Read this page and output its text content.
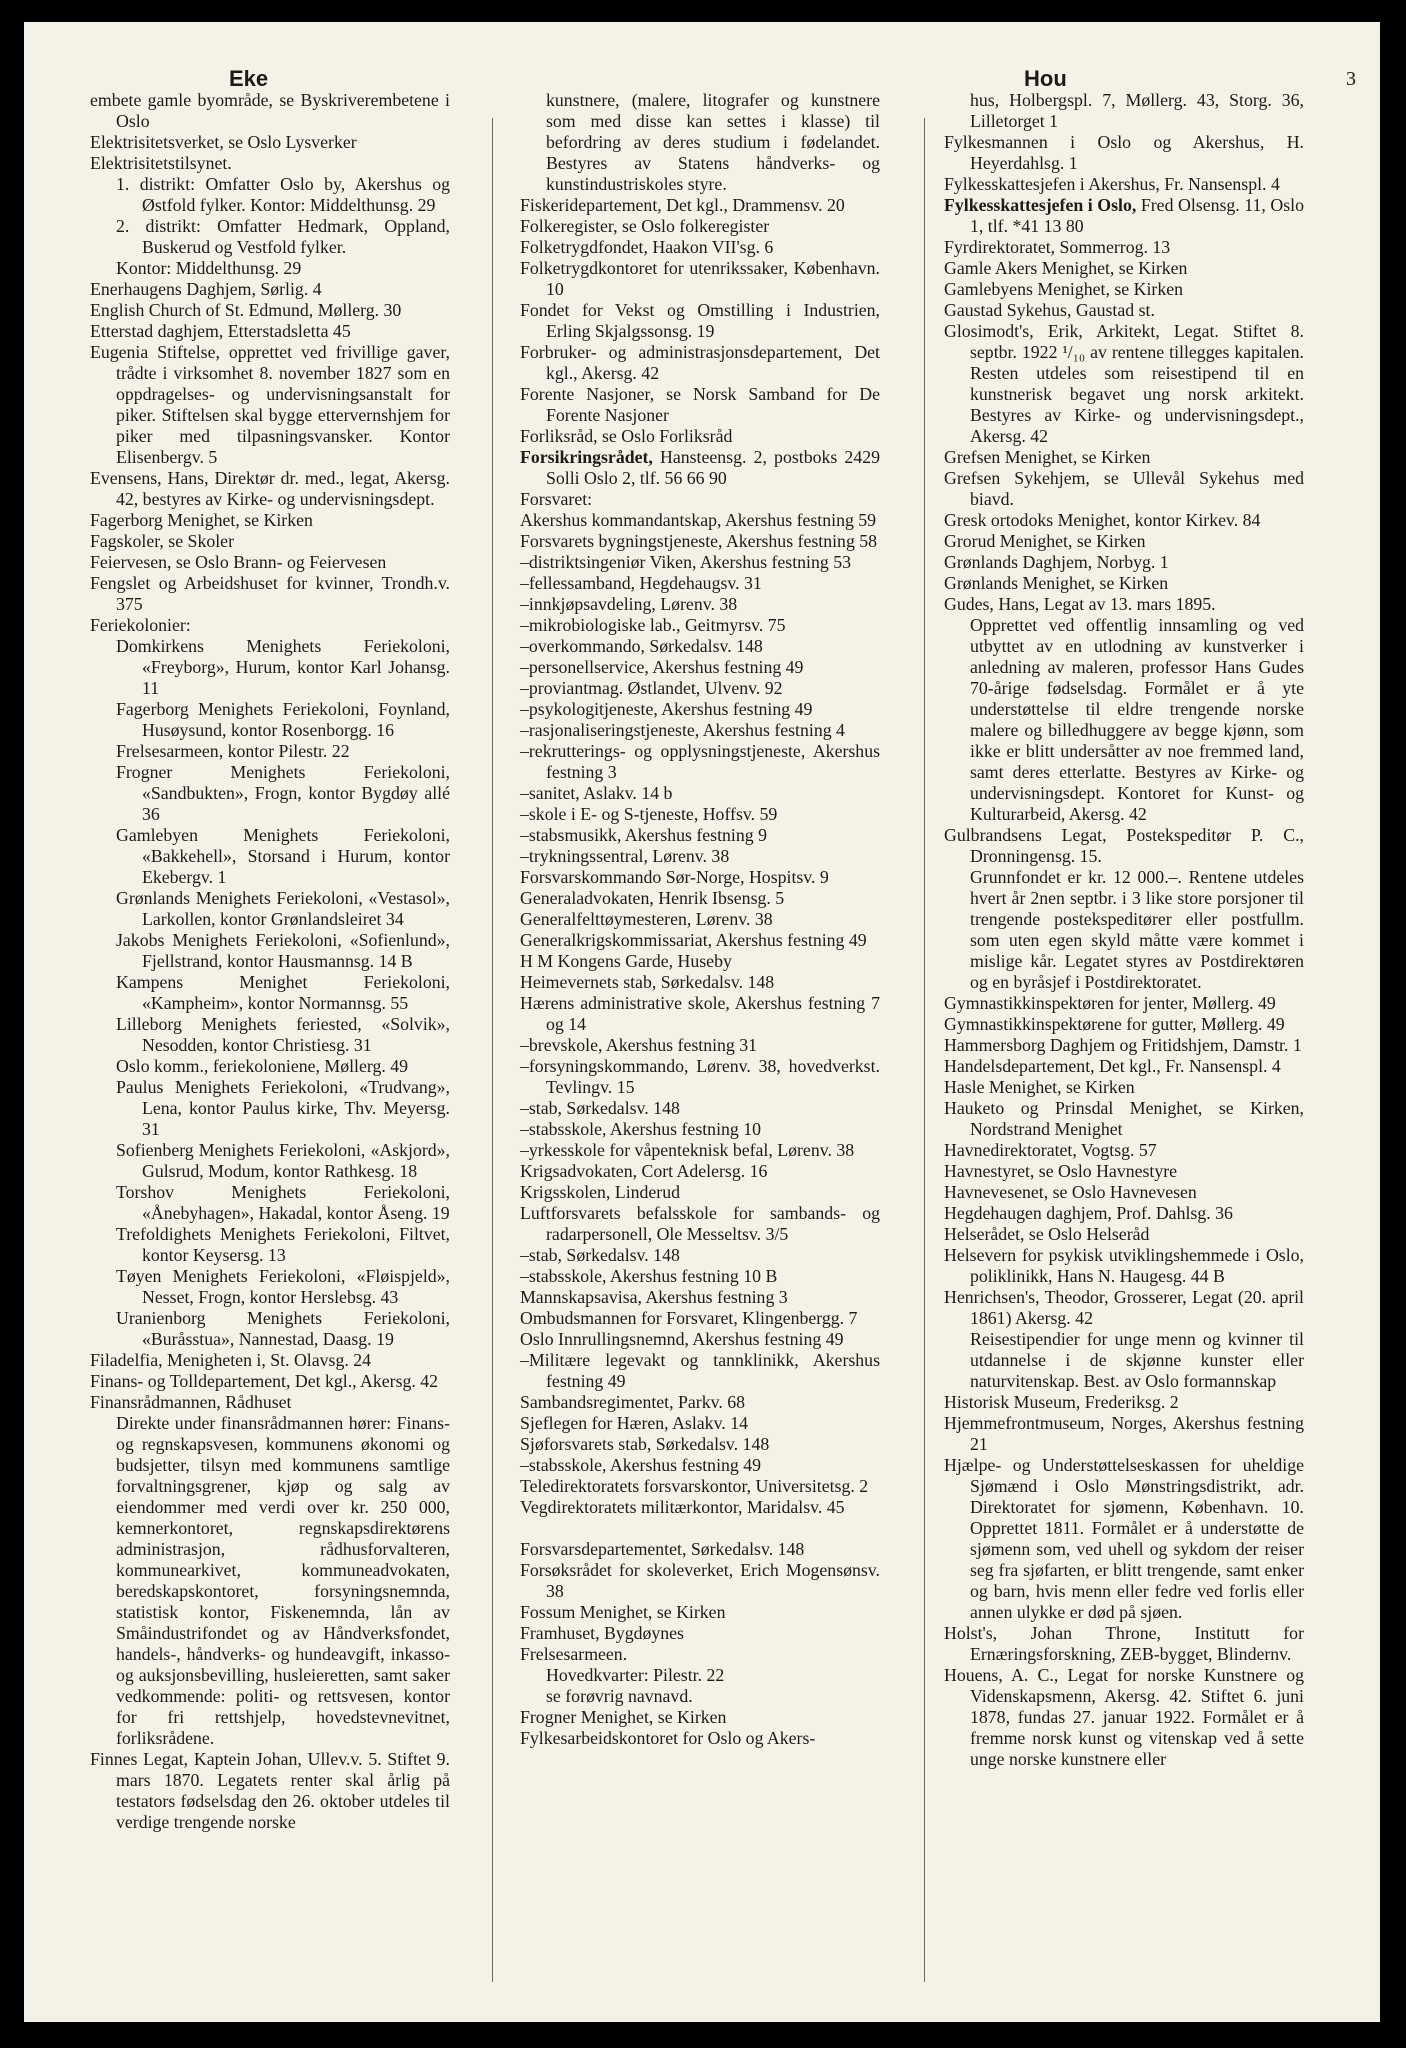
Eke	Hou	3

embete gamle byområde, se Byskriverembetene i Oslo

Elektrisitetsverket, se Oslo Lysverker

Elektrisitetstilsynet.

1. distrikt: Omfatter Oslo by, Akershus og Østfold fylker. Kontor: Middelthunsg. 29

2. distrikt: Omfatter Hedmark, Oppland, Buskerud og Vestfold fylker.

Kontor: Middelthunsg. 29

Enerhaugens Daghjem, Sørlig. 4

English Church of St. Edmund, Møllerg. 30

Etterstad daghjem, Etterstadsletta 45

Eugenia Stiftelse, opprettet ved frivillige gaver, trådte i virksomhet 8. november 1827 som en oppdragelses- og undervisningsanstalt for piker. Stiftelsen skal bygge ettervernshjem for piker med tilpasningsvansker. Kontor Elisenbergv. 5

Evensens, Hans, Direktør dr. med., legat, Akersg. 42, bestyres av Kirke- og undervisningsdept.

Fagerborg Menighet, se Kirken

Fagskoler, se Skoler

Feiervesen, se Oslo Brann- og Feiervesen

Fengslet og Arbeidshuset for kvinner, Trondh.v. 375

Feriekolonier:

Domkirkens Menighets Feriekoloni, «Freyborg», Hurum, kontor Karl Johansg. 11

Fagerborg Menighets Feriekoloni, Foynland, Husøysund, kontor Rosenborgg. 16

Frelsesarmeen, kontor Pilestr. 22

Frogner Menighets Feriekoloni, «Sandbukten», Frogn, kontor Bygdøy allé 36

Gamlebyen Menighets Feriekoloni, «Bakkehell», Storsand i Hurum, kontor Ekebergv. 1

Grønlands Menighets Feriekoloni, «Vestasol», Larkollen, kontor Grønlandsleiret 34

Jakobs Menighets Feriekoloni, «Sofienlund», Fjellstrand, kontor Hausmannsg. 14 B

Kampens Menighet Feriekoloni, «Kampheim», kontor Normannsg. 55

Lilleborg Menighets feriested, «Solvik», Nesodden, kontor Christiesg. 31

Oslo komm., feriekoloniene, Møllerg. 49

Paulus Menighets Feriekoloni, «Trudvang», Lena, kontor Paulus kirke, Thv. Meyersg. 31

Sofienberg Menighets Feriekoloni, «Askjord», Gulsrud, Modum, kontor Rathkesg. 18

Torshov Menighets Feriekoloni, «Ånebyhagen», Hakadal, kontor Åseng. 19

Trefoldighets Menighets Feriekoloni, Filtvet, kontor Keysersg. 13

Tøyen Menighets Feriekoloni, «Fløispjeld», Nesset, Frogn, kontor Herslebsg. 43

Uranienborg Menighets Feriekoloni, «Buråsstua», Nannestad, Daasg. 19

Filadelfia, Menigheten i, St. Olavsg. 24

Finans- og Tolldepartement, Det kgl., Akersg. 42

Finansrådmannen, Rådhuset

Direkte under finansrådmannen hører: Finans- og regnskapsvesen, kommunens økonomi og budsjetter, tilsyn med kommunens samtlige forvaltningsgrener, kjøp og salg av eiendommer med verdi over kr. 250 000, kemnerkontoret, regnskapsdirektørens administrasjon, rådhusforvalteren, kommunearkivet, kommuneadvokaten, beredskapskontoret, forsyningsnemnda, statistisk kontor, Fiskenemnda, lån av Småindustrifondet og av Håndverksfondet, handels-, håndverks- og hundeavgift, inkasso- og auksjonsbevilling, husleieretten, samt saker vedkommende: politi- og rettsvesen, kontor for fri rettshjelp, hovedstevnevitnet, forliksrådene.

Finnes Legat, Kaptein Johan, Ullev.v. 5. Stiftet 9. mars 1870. Legatets renter skal årlig på testators fødselsdag den 26. oktober utdeles til verdige trengende norske

kunstnere, (malere, litografer og kunstnere som med disse kan settes i klasse) til befordring av deres studium i fødelandet. Bestyres av Statens håndverks- og kunstindustriskoles styre.

Fiskeridepartement, Det kgl., Drammensv. 20

Folkeregister, se Oslo folkeregister

Folketrygdfondet, Haakon VII'sg. 6

Folketrygdkontoret for utenrikssaker, København. 10

Fondet for Vekst og Omstilling i Industrien, Erling Skjalgssonsg. 19

Forbruker- og administrasjonsdepartement, Det kgl., Akersg. 42

Forente Nasjoner, se Norsk Samband for De Forente Nasjoner

Forliksråd, se Oslo Forliksråd

Forsikringsrådet, Hansteensg. 2, postboks 2429 Solli Oslo 2, tlf. 56 66 90

Forsvaret:

Akershus kommandantskap, Akershus festning 59

Forsvarets bygningstjeneste, Akershus festning 58

–distriktsingeniør Viken, Akershus festning 53

–fellessamband, Hegdehaugsv. 31

–innkjøpsavdeling, Lørenv. 38

–mikrobiologiske lab., Geitmyrsv. 75

–overkommando, Sørkedalsv. 148

–personellservice, Akershus festning 49

–proviantmag. Østlandet, Ulvenv. 92

–psykologitjeneste, Akershus festning 49

–rasjonaliseringstjeneste, Akershus festning 4

–rekrutterings- og opplysningstjeneste, Akershus festning 3

–sanitet, Aslakv. 14 b

–skole i E- og S-tjeneste, Hoffsv. 59

–stabsmusikk, Akershus festning 9

–trykningssentral, Lørenv. 38

Forsvarskommando Sør-Norge, Hospitsv. 9

Generaladvokaten, Henrik Ibsensg. 5

Generalfelttøymesteren, Lørenv. 38

Generalkrigskommissariat, Akershus festning 49

H M Kongens Garde, Huseby

Heimevernets stab, Sørkedalsv. 148

Hærens administrative skole, Akershus festning 7 og 14

–brevskole, Akershus festning 31

–forsyningskommando, Lørenv. 38, hovedverkst. Tevlingv. 15

–stab, Sørkedalsv. 148

–stabsskole, Akershus festning 10

–yrkesskole for våpenteknisk befal, Lørenv. 38

Krigsadvokaten, Cort Adelersg. 16

Krigsskolen, Linderud

Luftforsvarets befalsskole for sambands- og radarpersonell, Ole Messeltsv. 3/5

–stab, Sørkedalsv. 148

–stabsskole, Akershus festning 10 B

Mannskapsavisa, Akershus festning 3

Ombudsmannen for Forsvaret, Klingenbergg. 7

Oslo Innrullingsnemnd, Akershus festning 49

–Militære legevakt og tannklinikk, Akershus festning 49

Sambandsregimentet, Parkv. 68

Sjeflegen for Hæren, Aslakv. 14

Sjøforsvarets stab, Sørkedalsv. 148

–stabsskole, Akershus festning 49

Teledirektoratets forsvarskontor, Universitetsg. 2

Vegdirektoratets militærkontor, Maridalsv. 45

Forsvarsdepartementet, Sørkedalsv. 148

Forsøksrådet for skoleverket, Erich Mogensønsv. 38

Fossum Menighet, se Kirken

Framhuset, Bygdøynes

Frelsesarmeen.

Hovedkvarter: Pilestr. 22

se forøvrig navnavd.

Frogner Menighet, se Kirken

Fylkesarbeidskontoret for Oslo og Akers-

hus, Holbergspl. 7, Møllerg. 43, Storg. 36, Lilletorget 1

Fylkesmannen i Oslo og Akershus, H. Heyerdahlsg. 1

Fylkesskattesjefen i Akershus, Fr. Nansenspl. 4

Fylkesskattesjefen i Oslo, Fred Olsensg. 11, Oslo 1, tlf. *41 13 80

Fyrdirektoratet, Sommerrog. 13

Gamle Akers Menighet, se Kirken

Gamlebyens Menighet, se Kirken

Gaustad Sykehus, Gaustad st.

Glosimodt's, Erik, Arkitekt, Legat. Stiftet 8. septbr. 1922 ¹/₁₀ av rentene tillegges kapitalen. Resten utdeles som reisestipend til en kunstnerisk begavet ung norsk arkitekt. Bestyres av Kirke- og undervisningsdept., Akersg. 42

Grefsen Menighet, se Kirken

Grefsen Sykehjem, se Ullevål Sykehus med biavd.

Gresk ortodoks Menighet, kontor Kirkev. 84

Grorud Menighet, se Kirken

Grønlands Daghjem, Norbyg. 1

Grønlands Menighet, se Kirken

Gudes, Hans, Legat av 13. mars 1895.

Opprettet ved offentlig innsamling og ved utbyttet av en utlodning av kunstverker i anledning av maleren, professor Hans Gudes 70-årige fødselsdag. Formålet er å yte understøttelse til eldre trengende norske malere og billedhuggere av begge kjønn, som ikke er blitt undersåtter av noe fremmed land, samt deres etterlatte. Bestyres av Kirke- og undervisningsdept. Kontoret for Kunst- og Kulturarbeid, Akersg. 42

Gulbrandsens Legat, Postekspeditør P. C., Dronningensg. 15.

Grunnfondet er kr. 12 000.–. Rentene utdeles hvert år 2nen septbr. i 3 like store porsjoner til trengende postekspeditører eller postfullm. som uten egen skyld måtte være kommet i mislige kår. Legatet styres av Postdirektøren og en byråsjef i Postdirektoratet.

Gymnastikkinspektøren for jenter, Møllerg. 49

Gymnastikkinspektørene for gutter, Møllerg. 49

Hammersborg Daghjem og Fritidshjem, Damstr. 1

Handelsdepartement, Det kgl., Fr. Nansenspl. 4

Hasle Menighet, se Kirken

Hauketo og Prinsdal Menighet, se Kirken, Nordstrand Menighet

Havnedirektoratet, Vogtsg. 57

Havnestyret, se Oslo Havnestyre

Havnevesenet, se Oslo Havnevesen

Hegdehaugen daghjem, Prof. Dahlsg. 36

Helserådet, se Oslo Helseråd

Helsevern for psykisk utviklingshemmede i Oslo, poliklinikk, Hans N. Haugesg. 44 B

Henrichsen's, Theodor, Grosserer, Legat (20. april 1861) Akersg. 42

Reisestipendier for unge menn og kvinner til utdannelse i de skjønne kunster eller naturvitenskap. Best. av Oslo formannskap

Historisk Museum, Frederiksg. 2

Hjemmefrontmuseum, Norges, Akershus festning 21

Hjælpe- og Understøttelseskassen for uheldige Sjømænd i Oslo Mønstringsdistrikt, adr. Direktoratet for sjømenn, København. 10. Opprettet 1811. Formålet er å understøtte de sjømenn som, ved uhell og sykdom der reiser seg fra sjøfarten, er blitt trengende, samt enker og barn, hvis menn eller fedre ved forlis eller annen ulykke er død på sjøen.

Holst's, Johan Throne, Institutt for Ernæringsforskning, ZEB-bygget, Blindernv.

Houens, A. C., Legat for norske Kunstnere og Videnskapsmenn, Akersg. 42. Stiftet 6. juni 1878, fundas 27. januar 1922. Formålet er å fremme norsk kunst og vitenskap ved å sette unge norske kunstnere eller
